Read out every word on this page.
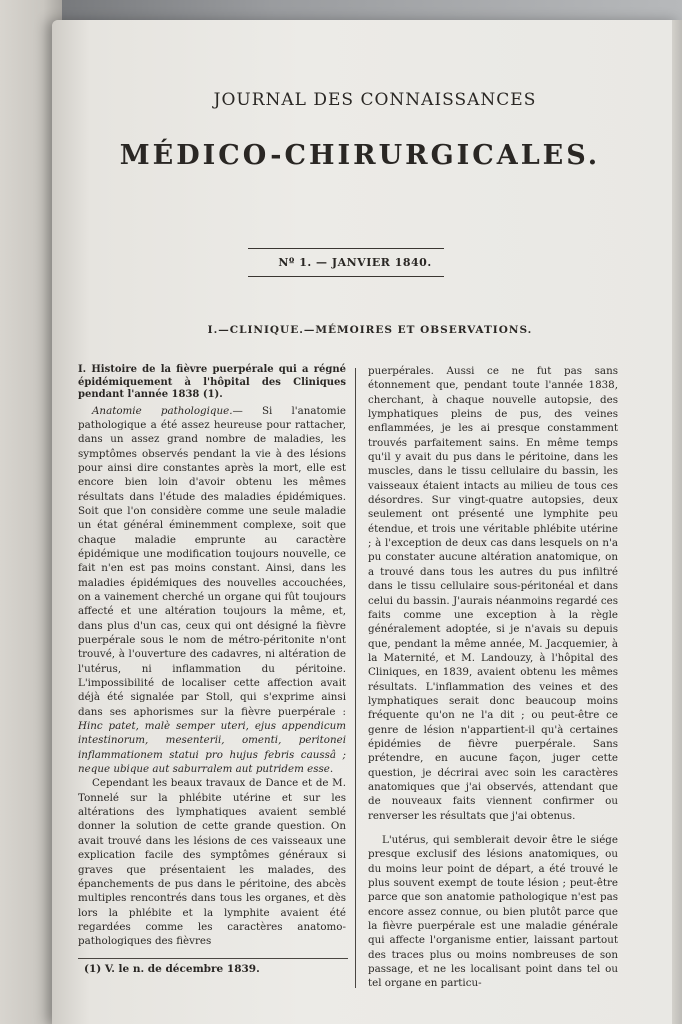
JOURNAL DES CONNAISSANCES
MÉDICO-CHIRURGICALES.
Nº 1. — JANVIER 1840.
I.—CLINIQUE.—MÉMOIRES ET OBSERVATIONS.

I. Histoire de la fièvre puerpérale qui a régné épidémiquement à l'hôpital des Cliniques pendant l'année 1838 (1).

Anatomie pathologique.— Si l'anatomie pathologique a été assez heureuse pour rattacher, dans un assez grand nombre de maladies, les symptômes observés pendant la vie à des lésions pour ainsi dire constantes après la mort, elle est encore bien loin d'avoir obtenu les mêmes résultats dans l'étude des maladies épidémiques. Soit que l'on considère comme une seule maladie un état général éminemment complexe, soit que chaque maladie emprunte au caractère épidémique une modification toujours nouvelle, ce fait n'en est pas moins constant. Ainsi, dans les maladies épidémiques des nouvelles accouchées, on a vainement cherché un organe qui fût toujours affecté et une altération toujours la même, et, dans plus d'un cas, ceux qui ont désigné la fièvre puerpérale sous le nom de métro-péritonite n'ont trouvé, à l'ouverture des cadavres, ni altération de l'utérus, ni inflammation du péritoine. L'impossibilité de localiser cette affection avait déjà été signalée par Stoll, qui s'exprime ainsi dans ses aphorismes sur la fièvre puerpérale : Hinc patet, malè semper uteri, ejus appendicum intestinorum, mesenterii, omenti, peritonei inflammationem statui pro hujus febris caussâ ; neque ubique aut saburralem aut putridem esse.

Cependant les beaux travaux de Dance et de M. Tonnelé sur la phlébite utérine et sur les altérations des lymphatiques avaient semblé donner la solution de cette grande question. On avait trouvé dans les lésions de ces vaisseaux une explication facile des symptômes généraux si graves que présentaient les malades, des épanchements de pus dans le péritoine, des abcès multiples rencontrés dans tous les organes, et dès lors la phlébite et la lymphite avaient été regardées comme les caractères anatomo-pathologiques des fièvres

puerpérales. Aussi ce ne fut pas sans étonnement que, pendant toute l'année 1838, cherchant, à chaque nouvelle autopsie, des lymphatiques pleins de pus, des veines enflammées, je les ai presque constamment trouvés parfaitement sains. En même temps qu'il y avait du pus dans le péritoine, dans les muscles, dans le tissu cellulaire du bassin, les vaisseaux étaient intacts au milieu de tous ces désordres. Sur vingt-quatre autopsies, deux seulement ont présenté une lymphite peu étendue, et trois une véritable phlébite utérine ; à l'exception de deux cas dans lesquels on n'a pu constater aucune altération anatomique, on a trouvé dans tous les autres du pus infiltré dans le tissu cellulaire sous-péritonéal et dans celui du bassin. J'aurais néanmoins regardé ces faits comme une exception à la règle généralement adoptée, si je n'avais su depuis que, pendant la même année, M. Jacquemier, à la Maternité, et M. Landouzy, à l'hôpital des Cliniques, en 1839, avaient obtenu les mêmes résultats. L'inflammation des veines et des lymphatiques serait donc beaucoup moins fréquente qu'on ne l'a dit ; ou peut-être ce genre de lésion n'appartient-il qu'à certaines épidémies de fièvre puerpérale. Sans prétendre, en aucune façon, juger cette question, je décrirai avec soin les caractères anatomiques que j'ai observés, attendant que de nouveaux faits viennent confirmer ou renverser les résultats que j'ai obtenus.

L'utérus, qui semblerait devoir être le siége presque exclusif des lésions anatomiques, ou du moins leur point de départ, a été trouvé le plus souvent exempt de toute lésion ; peut-être parce que son anatomie pathologique n'est pas encore assez connue, ou bien plutôt parce que la fièvre puerpérale est une maladie générale qui affecte l'organisme entier, laissant partout des traces plus ou moins nombreuses de son passage, et ne les localisant point dans tel ou tel organe en particu-

(1) V. le n. de décembre 1839.
